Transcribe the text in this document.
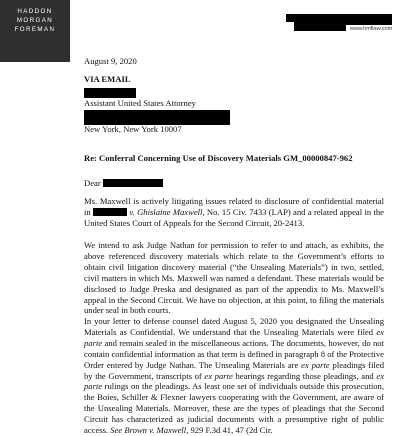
HADDON
MORGAN
FOREMAN	www.hmflaw.com
August 9, 2020
VIA EMAIL
Assistant United States Attorney
New York, New York 10007
Re: Conferral Concerning Use of Discovery Materials GM_00000847-962
Dear

Ms. Maxwell is actively litigating issues related to disclosure of confidential material in	v. Ghislaine Maxwell, No. 15 Civ. 7433 (LAP) and a related appeal in the United States Court of Appeals for the Second Circuit, 20-2413.

We intend to ask Judge Nathan for permission to refer to and attach, as exhibits, the above referenced discovery materials which relate to the Government’s efforts to obtain civil litigation discovery material (“the Unsealing Materials”) in two, settled, civil matters in which Ms. Maxwell was named a defendant. These materials would be disclosed to Judge Preska and designated as part of the appendix to Ms. Maxwell’s appeal in the Second Circuit. We have no objection, at this point, to filing the materials under seal in both courts.

In your letter to defense counsel dated August 5, 2020 you designated the Unsealing Materials as Confidential. We understand that the Unsealing Materials were filed ex parte and remain sealed in the miscellaneous actions. The documents, however, do not contain confidential information as that term is defined in paragraph 8 of the Protective Order entered by Judge Nathan. The Unsealing Materials are ex parte pleadings filed by the Government, transcripts of ex parte hearings regarding those pleadings, and ex parte rulings on the pleadings. As least one set of individuals outside this prosecution, the Boies, Schiller & Flexner lawyers cooperating with the Government, are aware of the Unsealing Materials. Moreover, these are the types of pleadings that the Second Circuit has characterized as judicial documents with a presumptive right of public access. See Brown v. Maxwell, 929 F.3d 41, 47 (2d Cir.
